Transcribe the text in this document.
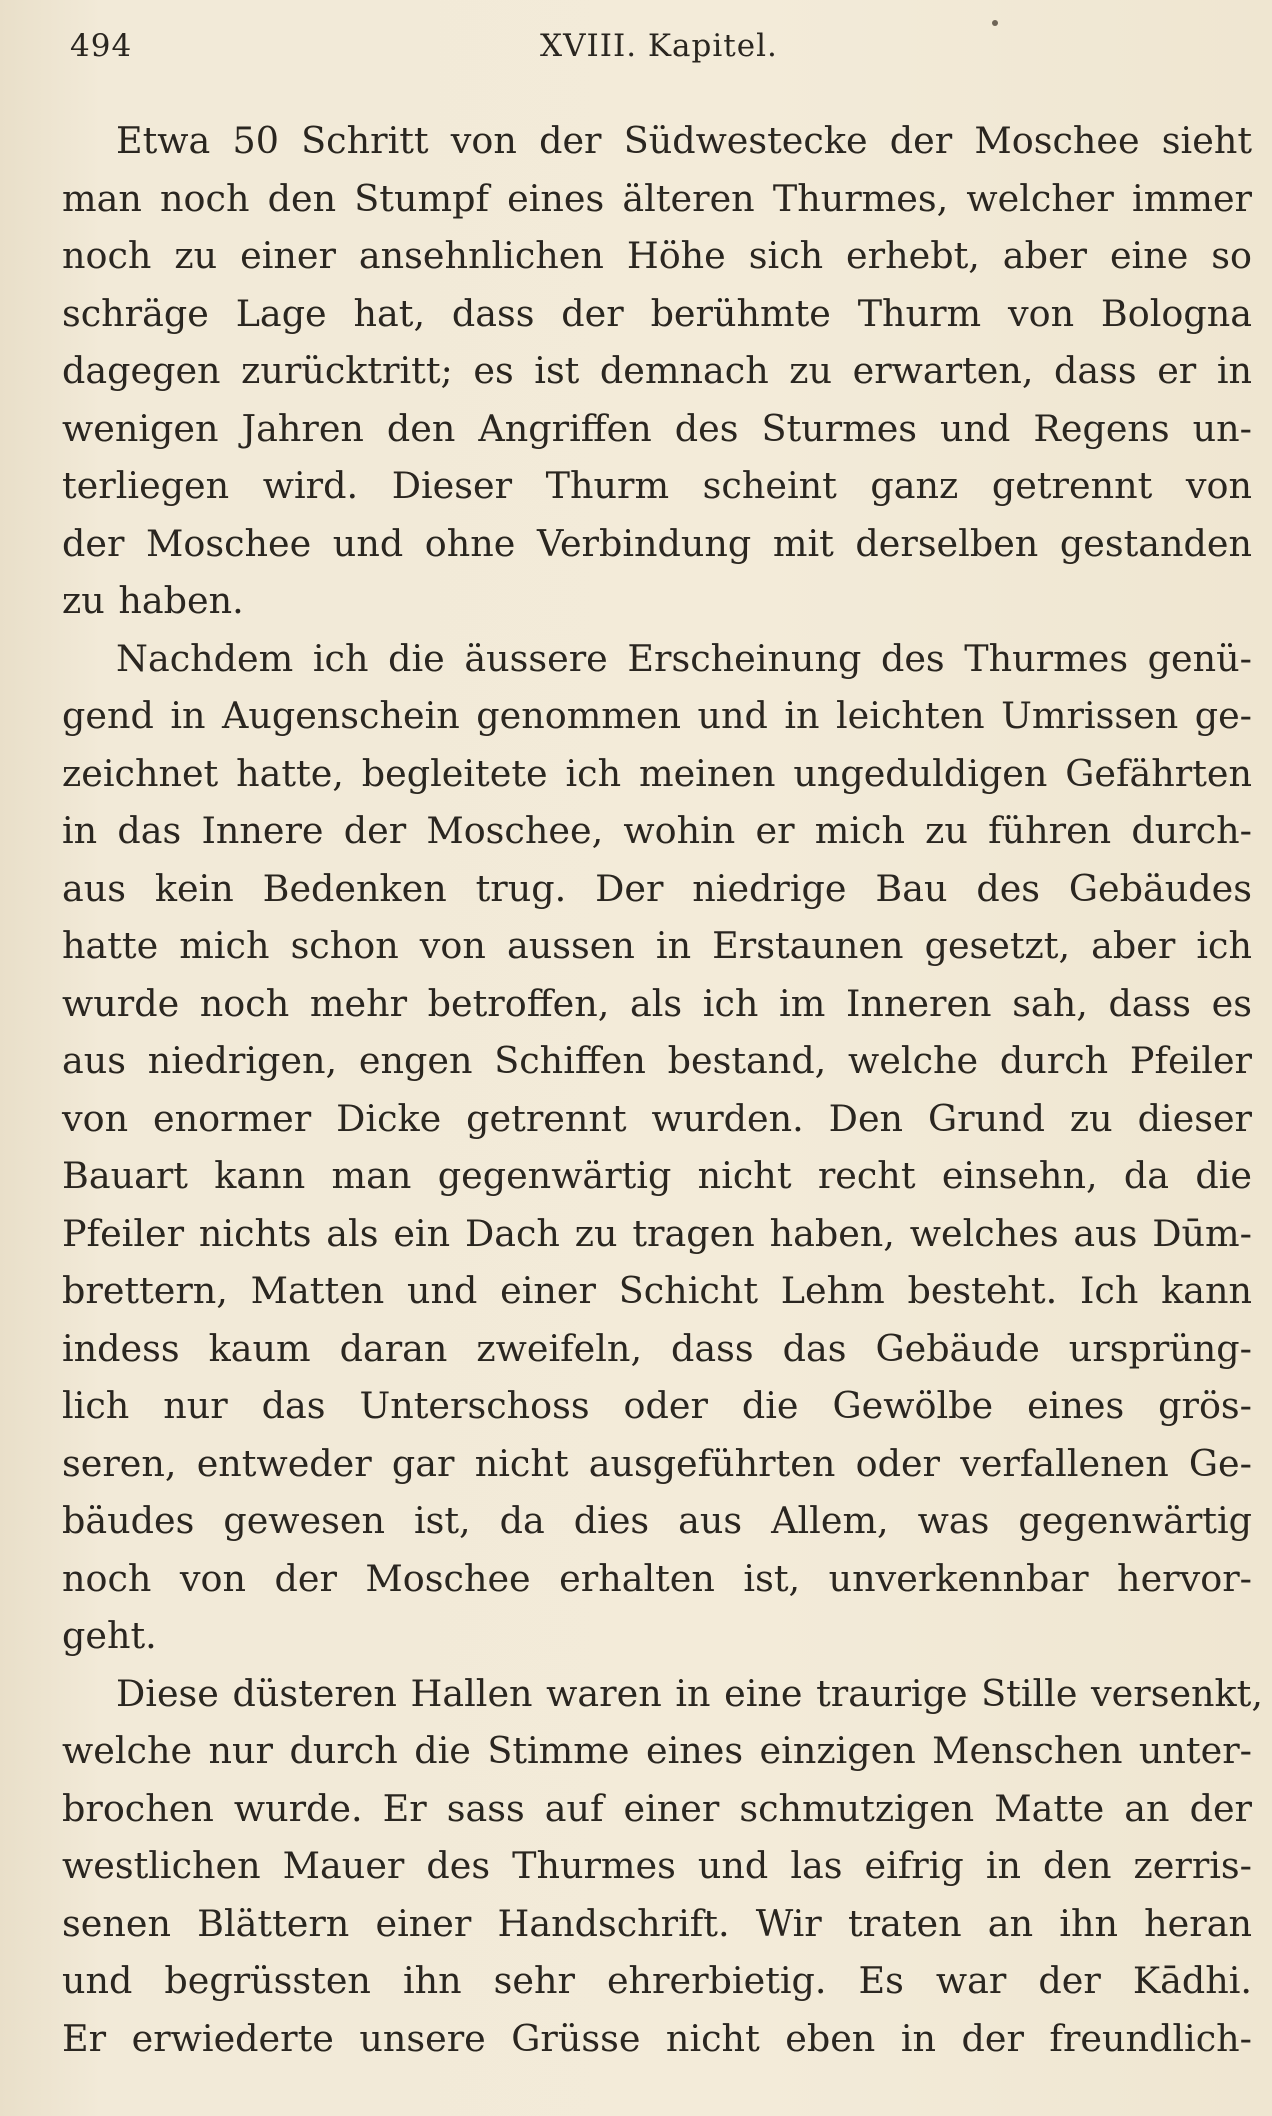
494	XVIII. Kapitel.
Etwa 50 Schritt von der Südwestecke der Moschee sieht
man noch den Stumpf eines älteren Thurmes, welcher immer
noch zu einer ansehnlichen Höhe sich erhebt, aber eine so
schräge Lage hat, dass der berühmte Thurm von Bologna
dagegen zurücktritt; es ist demnach zu erwarten, dass er in
wenigen Jahren den Angriffen des Sturmes und Regens un-
terliegen wird. Dieser Thurm scheint ganz getrennt von
der Moschee und ohne Verbindung mit derselben gestanden
zu haben.
Nachdem ich die äussere Erscheinung des Thurmes genü-
gend in Augenschein genommen und in leichten Umrissen ge-
zeichnet hatte, begleitete ich meinen ungeduldigen Gefährten
in das Innere der Moschee, wohin er mich zu führen durch-
aus kein Bedenken trug. Der niedrige Bau des Gebäudes
hatte mich schon von aussen in Erstaunen gesetzt, aber ich
wurde noch mehr betroffen, als ich im Inneren sah, dass es
aus niedrigen, engen Schiffen bestand, welche durch Pfeiler
von enormer Dicke getrennt wurden. Den Grund zu dieser
Bauart kann man gegenwärtig nicht recht einsehn, da die
Pfeiler nichts als ein Dach zu tragen haben, welches aus Dūm-
brettern, Matten und einer Schicht Lehm besteht. Ich kann
indess kaum daran zweifeln, dass das Gebäude ursprüng-
lich nur das Unterschoss oder die Gewölbe eines grös-
seren, entweder gar nicht ausgeführten oder verfallenen Ge-
bäudes gewesen ist, da dies aus Allem, was gegenwärtig
noch von der Moschee erhalten ist, unverkennbar hervor-
geht.
Diese düsteren Hallen waren in eine traurige Stille versenkt,
welche nur durch die Stimme eines einzigen Menschen unter-
brochen wurde. Er sass auf einer schmutzigen Matte an der
westlichen Mauer des Thurmes und las eifrig in den zerris-
senen Blättern einer Handschrift. Wir traten an ihn heran
und begrüssten ihn sehr ehrerbietig. Es war der Kādhi.
Er erwiederte unsere Grüsse nicht eben in der freundlich-
